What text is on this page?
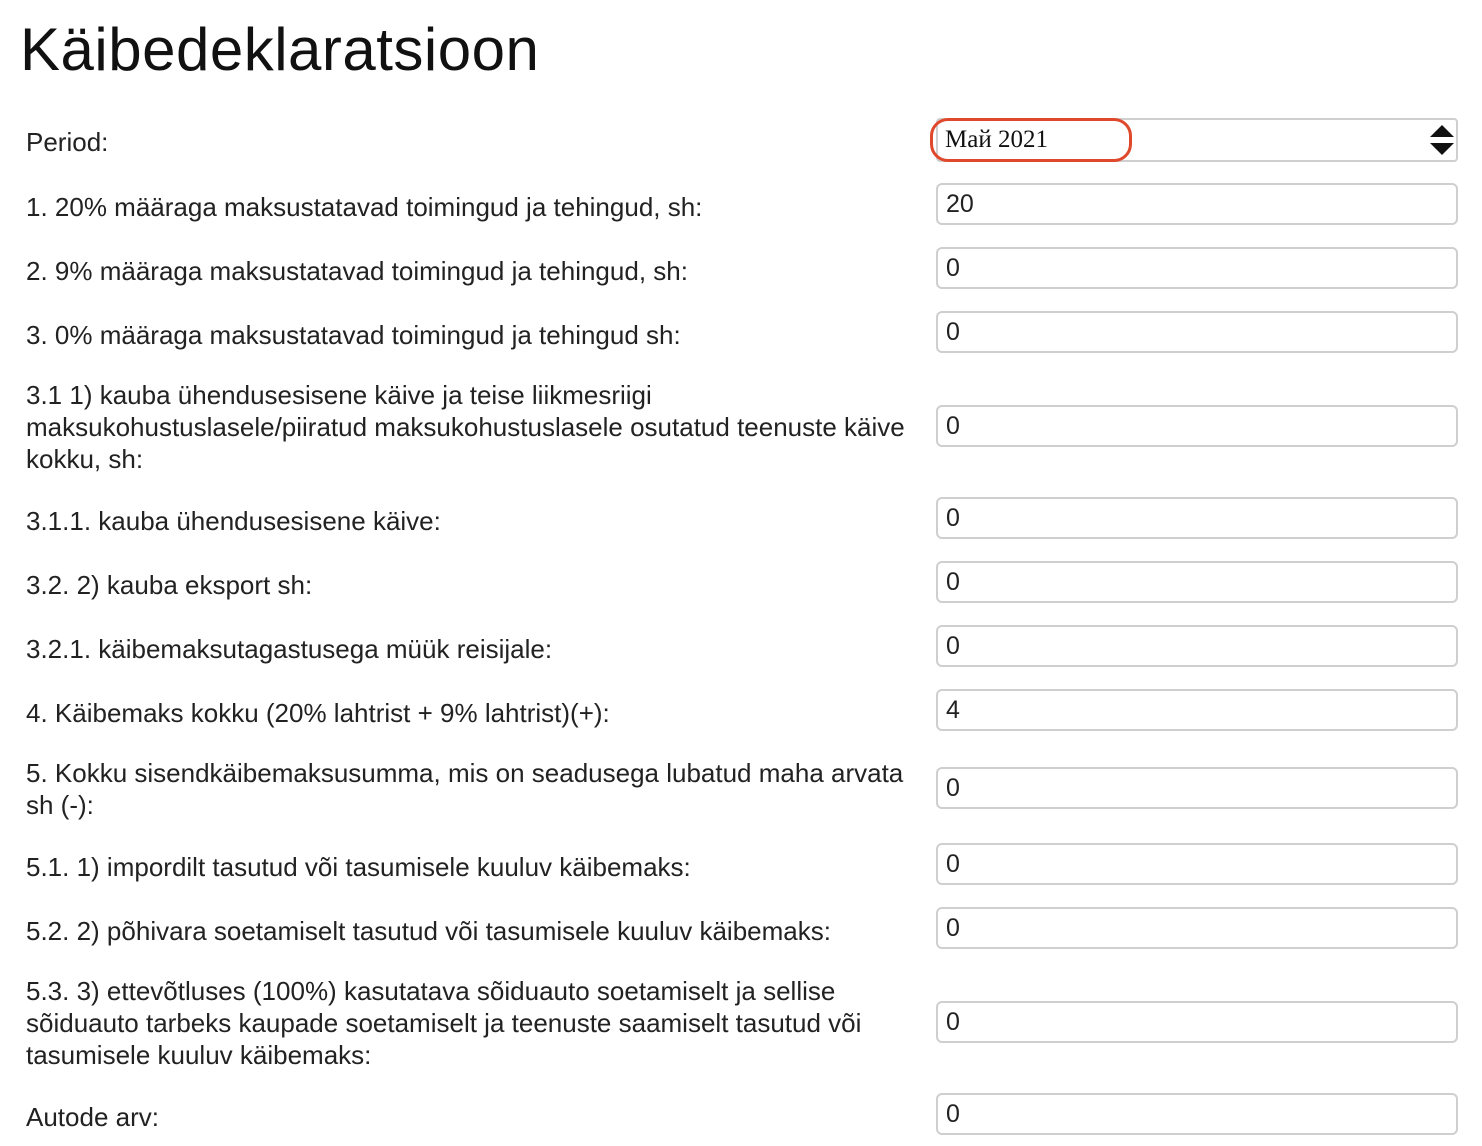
Käibedeklaratsioon
Period:	Май 2021
1. 20% määraga maksustatavad toimingud ja tehingud, sh:
20
2. 9% määraga maksustatavad toimingud ja tehingud, sh:
0
3. 0% määraga maksustatavad toimingud ja tehingud sh:
0
3.1 1) kauba ühendusesisene käive ja teise liikmesriigi maksukohustuslasele/piiratud maksukohustuslasele osutatud teenuste käive kokku, sh:
0
3.1.1. kauba ühendusesisene käive:
0
3.2. 2) kauba eksport sh:
0
3.2.1. käibemaksutagastusega müük reisijale:
0
4. Käibemaks kokku (20% lahtrist + 9% lahtrist)(+):
4
5. Kokku sisendkäibemaksusumma, mis on seadusega lubatud maha arvata sh (-):
0
5.1. 1) impordilt tasutud või tasumisele kuuluv käibemaks:
0
5.2. 2) põhivara soetamiselt tasutud või tasumisele kuuluv käibemaks:
0
5.3. 3) ettevõtluses (100%) kasutatava sõiduauto soetamiselt ja sellise sõiduauto tarbeks kaupade soetamiselt ja teenuste saamiselt tasutud või tasumisele kuuluv käibemaks:
0
Autode arv:
0
